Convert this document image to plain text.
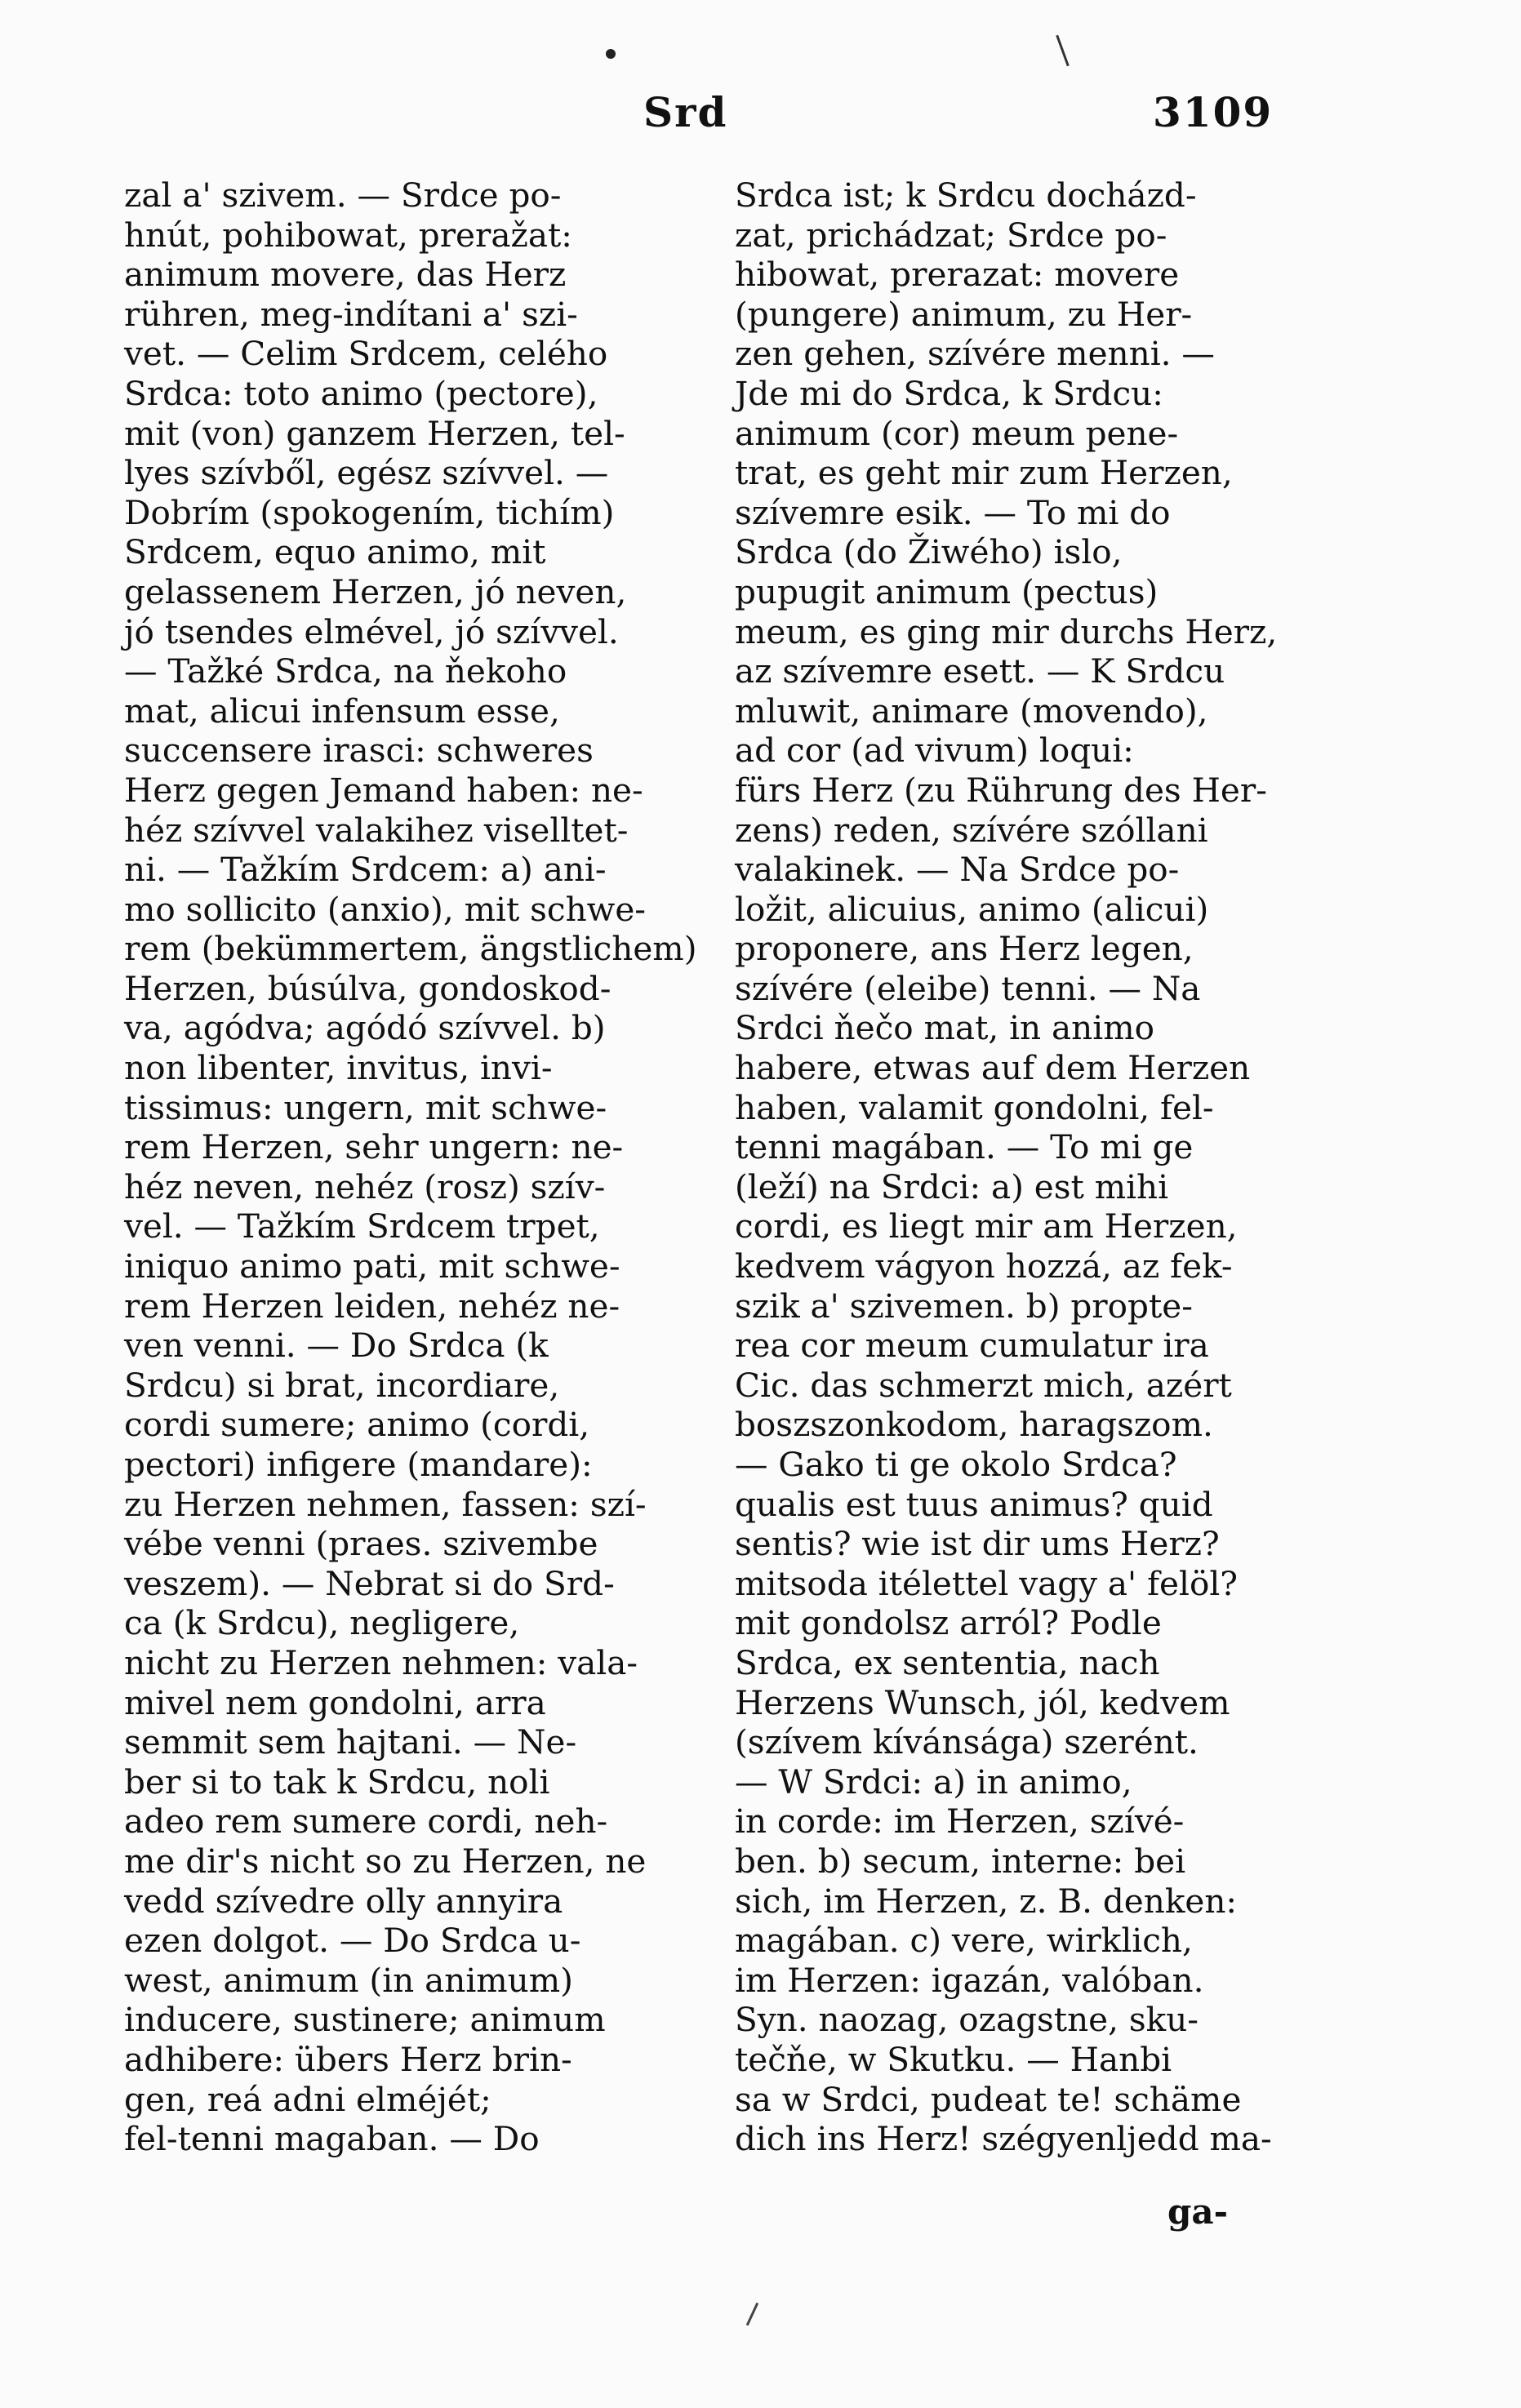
Srd	3109
zal a' szivem. — Srdce po-
hnút, pohibowat, preražat:
animum movere, das Herz
rühren, meg-indítani a' szi-
vet. — Celim Srdcem, celého
Srdca: toto animo (pectore),
mit (von) ganzem Herzen, tel-
lyes szívből, egész szívvel. —
Dobrím (spokogením, tichím)
Srdcem, equo animo, mit
gelassenem Herzen, jó neven,
jó tsendes elmével, jó szívvel.
— Tažké Srdca, na ňekoho
mat, alicui infensum esse,
succensere irasci: schweres
Herz gegen Jemand haben: ne-
héz szívvel valakihez viselltet-
ni. — Tažkím Srdcem: a) ani-
mo sollicito (anxio), mit schwe-
rem (bekümmertem, ängstlichem)
Herzen, búsúlva, gondoskod-
va, agódva; agódó szívvel. b)
non libenter, invitus, invi-
tissimus: ungern, mit schwe-
rem Herzen, sehr ungern: ne-
héz neven, nehéz (rosz) szív-
vel. — Tažkím Srdcem trpet,
iniquo animo pati, mit schwe-
rem Herzen leiden, nehéz ne-
ven venni. — Do Srdca (k
Srdcu) si brat, incordiare,
cordi sumere; animo (cordi,
pectori) infigere (mandare):
zu Herzen nehmen, fassen: szí-
vébe venni (praes. szivembe
veszem). — Nebrat si do Srd-
ca (k Srdcu), negligere,
nicht zu Herzen nehmen: vala-
mivel nem gondolni, arra
semmit sem hajtani. — Ne-
ber si to tak k Srdcu, noli
adeo rem sumere cordi, neh-
me dir's nicht so zu Herzen, ne
vedd szívedre olly annyira
ezen dolgot. — Do Srdca u-
west, animum (in animum)
inducere, sustinere; animum
adhibere: übers Herz brin-
gen, reá adni elméjét;
fel-tenni magaban. — Do
Srdca ist; k Srdcu docházd-
zat, prichádzat; Srdce po-
hibowat, prerazat: movere
(pungere) animum, zu Her-
zen gehen, szívére menni. —
Jde mi do Srdca, k Srdcu:
animum (cor) meum pene-
trat, es geht mir zum Herzen,
szívemre esik. — To mi do
Srdca (do Žiwého) islo,
pupugit animum (pectus)
meum, es ging mir durchs Herz,
az szívemre esett. — K Srdcu
mluwit, animare (movendo),
ad cor (ad vivum) loqui:
fürs Herz (zu Rührung des Her-
zens) reden, szívére szóllani
valakinek. — Na Srdce po-
ložit, alicuius, animo (alicui)
proponere, ans Herz legen,
szívére (eleibe) tenni. — Na
Srdci ňečo mat, in animo
habere, etwas auf dem Herzen
haben, valamit gondolni, fel-
tenni magában. — To mi ge
(leží) na Srdci: a) est mihi
cordi, es liegt mir am Herzen,
kedvem vágyon hozzá, az fek-
szik a' szivemen. b) propte-
rea cor meum cumulatur ira
Cic. das schmerzt mich, azért
boszszonkodom, haragszom.
— Gako ti ge okolo Srdca?
qualis est tuus animus? quid
sentis? wie ist dir ums Herz?
mitsoda itélettel vagy a' felöl?
mit gondolsz arról? Podle
Srdca, ex sententia, nach
Herzens Wunsch, jól, kedvem
(szívem kívánsága) szerént.
— W Srdci: a) in animo,
in corde: im Herzen, szívé-
ben. b) secum, interne: bei
sich, im Herzen, z. B. denken:
magában. c) vere, wirklich,
im Herzen: igazán, valóban.
Syn. naozag, ozagstne, sku-
tečňe, w Skutku. — Hanbi
sa w Srdci, pudeat te! schäme
dich ins Herz! szégyenljedd ma-
ga-
